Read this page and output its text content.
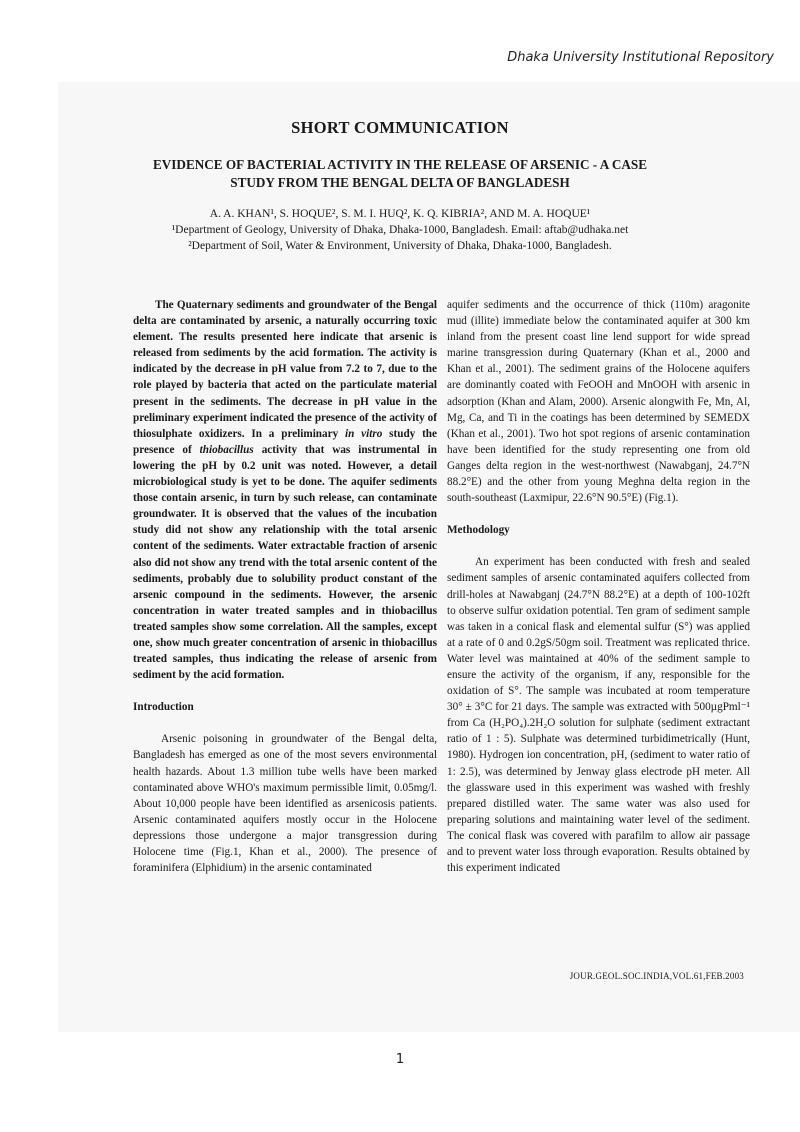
Dhaka University Institutional Repository
SHORT COMMUNICATION
EVIDENCE OF BACTERIAL ACTIVITY IN THE RELEASE OF ARSENIC - A CASE
STUDY FROM THE BENGAL DELTA OF BANGLADESH
A. A. KHAN¹, S. HOQUE², S. M. I. HUQ², K. Q. KIBRIA², AND M. A. HOQUE¹
¹Department of Geology, University of Dhaka, Dhaka-1000, Bangladesh. Email: aftab@udhaka.net
²Department of Soil, Water & Environment, University of Dhaka, Dhaka-1000, Bangladesh.

The Quaternary sediments and groundwater of the Bengal delta are contaminated by arsenic, a naturally occurring toxic element. The results presented here indicate that arsenic is released from sediments by the acid formation. The activity is indicated by the decrease in pH value from 7.2 to 7, due to the role played by bacteria that acted on the particulate material present in the sediments. The decrease in pH value in the preliminary experiment indicated the presence of the activity of thiosulphate oxidizers. In a preliminary in vitro study the presence of thiobacillus activity that was instrumental in lowering the pH by 0.2 unit was noted. However, a detail microbiological study is yet to be done. The aquifer sediments those contain arsenic, in turn by such release, can contaminate groundwater. It is observed that the values of the incubation study did not show any relationship with the total arsenic content of the sediments. Water extractable fraction of arsenic also did not show any trend with the total arsenic content of the sediments, probably due to solubility product constant of the arsenic compound in the sediments. However, the arsenic concentration in water treated samples and in thiobacillus treated samples show some correlation. All the samples, except one, show much greater concentration of arsenic in thiobacillus treated samples, thus indicating the release of arsenic from sediment by the acid formation.

Introduction

Arsenic poisoning in groundwater of the Bengal delta, Bangladesh has emerged as one of the most severs environmental health hazards. About 1.3 million tube wells have been marked contaminated above WHO's maximum permissible limit, 0.05mg/l. About 10,000 people have been identified as arsenicosis patients. Arsenic contaminated aquifers mostly occur in the Holocene depressions those undergone a major transgression during Holocene time (Fig.1, Khan et al., 2000). The presence of foraminifera (Elphidium) in the arsenic contaminated

aquifer sediments and the occurrence of thick (110m) aragonite mud (illite) immediate below the contaminated aquifer at 300 km inland from the present coast line lend support for wide spread marine transgression during Quaternary (Khan et al., 2000 and Khan et al., 2001). The sediment grains of the Holocene aquifers are dominantly coated with FeOOH and MnOOH with arsenic in adsorption (Khan and Alam, 2000). Arsenic alongwith Fe, Mn, Al, Mg, Ca, and Ti in the coatings has been determined by SEMEDX (Khan et al., 2001). Two hot spot regions of arsenic contamination have been identified for the study representing one from old Ganges delta region in the west-northwest (Nawabganj, 24.7°N 88.2°E) and the other from young Meghna delta region in the south-southeast (Laxmipur, 22.6°N 90.5°E) (Fig.1).

Methodology

An experiment has been conducted with fresh and sealed sediment samples of arsenic contaminated aquifers collected from drill-holes at Nawabganj (24.7°N 88.2°E) at a depth of 100-102ft to observe sulfur oxidation potential. Ten gram of sediment sample was taken in a conical flask and elemental sulfur (S°) was applied at a rate of 0 and 0.2gS/50gm soil. Treatment was replicated thrice. Water level was maintained at 40% of the sediment sample to ensure the activity of the organism, if any, responsible for the oxidation of S°. The sample was incubated at room temperature 30° ± 3°C for 21 days. The sample was extracted with 500µgPml⁻¹ from Ca (H₂PO₄).2H₂O solution for sulphate (sediment extractant ratio of 1 : 5). Sulphate was determined turbidimetrically (Hunt, 1980). Hydrogen ion concentration, pH, (sediment to water ratio of 1: 2.5), was determined by Jenway glass electrode pH meter. All the glassware used in this experiment was washed with freshly prepared distilled water. The same water was also used for preparing solutions and maintaining water level of the sediment. The conical flask was covered with parafilm to allow air passage and to prevent water loss through evaporation. Results obtained by this experiment indicated

JOUR.GEOL.SOC.INDIA,VOL.61,FEB.2003
1
